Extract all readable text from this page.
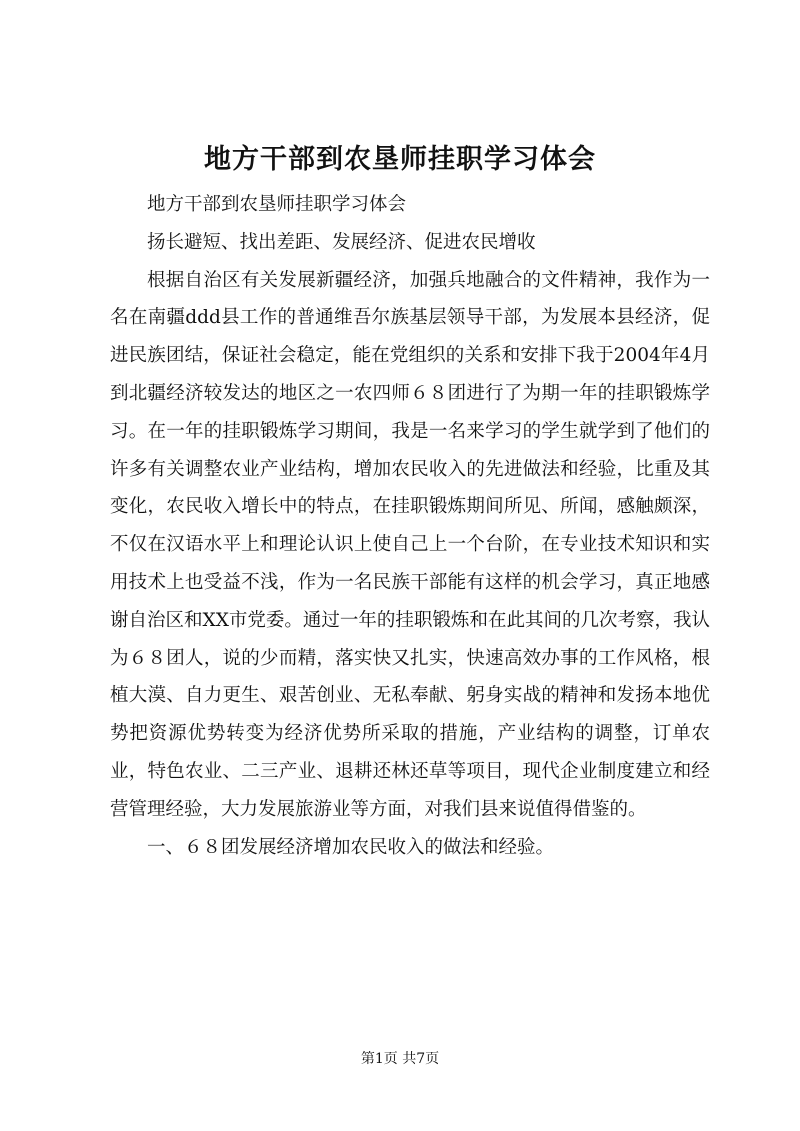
地方干部到农垦师挂职学习体会

地方干部到农垦师挂职学习体会

扬长避短、找出差距、发展经济、促进农民增收

根据自治区有关发展新疆经济，加强兵地融合的文件精神，我作为一名在南疆ddd县工作的普通维吾尔族基层领导干部，为发展本县经济，促进民族团结，保证社会稳定，能在党组织的关系和安排下我于2004年4月到北疆经济较发达的地区之一农四师６８团进行了为期一年的挂职锻炼学习。在一年的挂职锻炼学习期间，我是一名来学习的学生就学到了他们的许多有关调整农业产业结构，增加农民收入的先进做法和经验，比重及其变化，农民收入增长中的特点，在挂职锻炼期间所见、所闻，感触颇深，不仅在汉语水平上和理论认识上使自己上一个台阶，在专业技术知识和实用技术上也受益不浅，作为一名民族干部能有这样的机会学习，真正地感谢自治区和XX市党委。通过一年的挂职锻炼和在此其间的几次考察，我认为６８团人，说的少而精，落实快又扎实，快速高效办事的工作风格，根植大漠、自力更生、艰苦创业、无私奉献、躬身实战的精神和发扬本地优势把资源优势转变为经济优势所采取的措施，产业结构的调整，订单农业，特色农业、二三产业、退耕还林还草等项目，现代企业制度建立和经营管理经验，大力发展旅游业等方面，对我们县来说值得借鉴的。

一、６８团发展经济增加农民收入的做法和经验。

第1页 共7页
